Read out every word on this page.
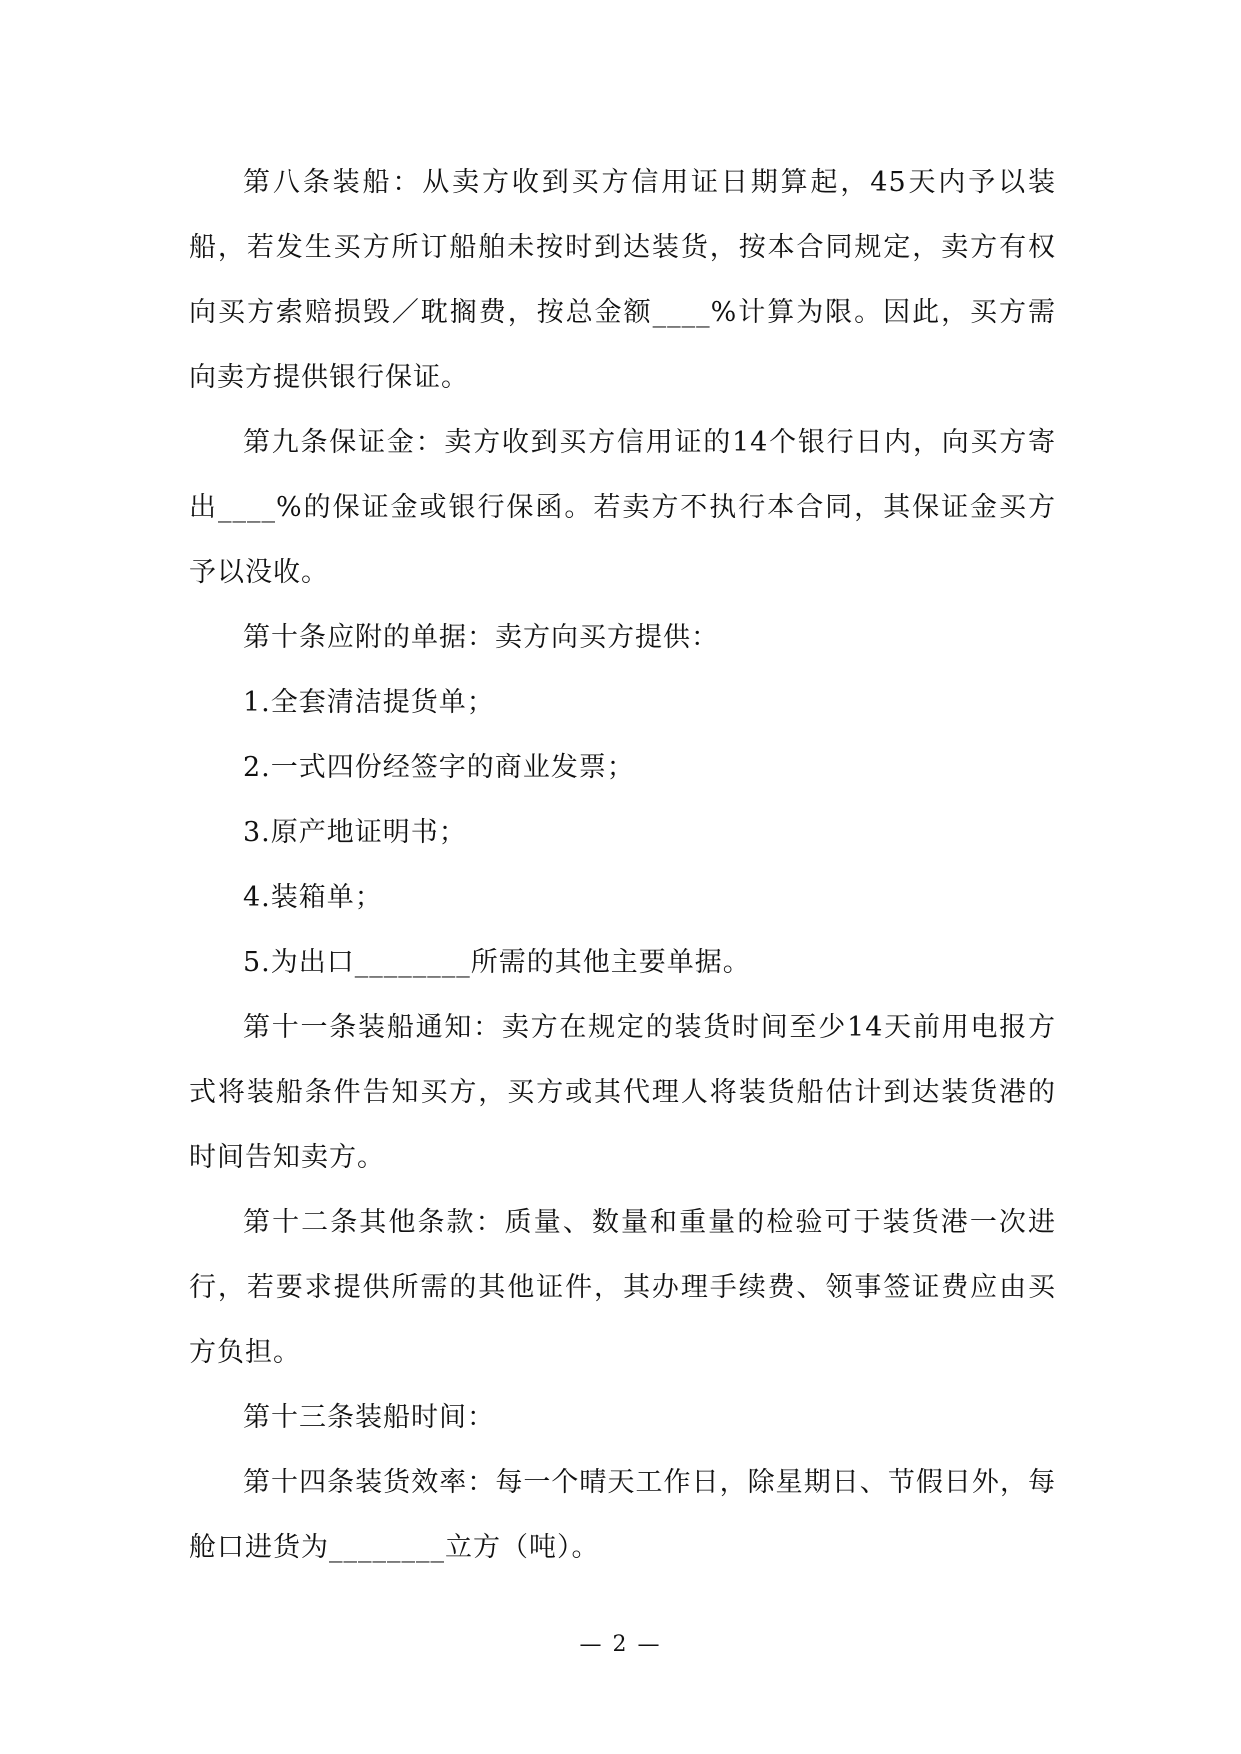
第八条装船：从卖方收到买方信用证日期算起，45天内予以装船，若发生买方所订船舶未按时到达装货，按本合同规定，卖方有权向买方索赔损毁／耽搁费，按总金额____%计算为限。因此，买方需向卖方提供银行保证。

第九条保证金：卖方收到买方信用证的14个银行日内，向买方寄出____%的保证金或银行保函。若卖方不执行本合同，其保证金买方予以没收。

第十条应附的单据：卖方向买方提供：

1.全套清洁提货单；

2.一式四份经签字的商业发票；

3.原产地证明书；

4.装箱单；

5.为出口________所需的其他主要单据。

第十一条装船通知：卖方在规定的装货时间至少14天前用电报方式将装船条件告知买方，买方或其代理人将装货船估计到达装货港的时间告知卖方。

第十二条其他条款：质量、数量和重量的检验可于装货港一次进行，若要求提供所需的其他证件，其办理手续费、领事签证费应由买方负担。

第十三条装船时间：

第十四条装货效率：每一个晴天工作日，除星期日、节假日外，每舱口进货为________立方（吨）。

— 2 —
